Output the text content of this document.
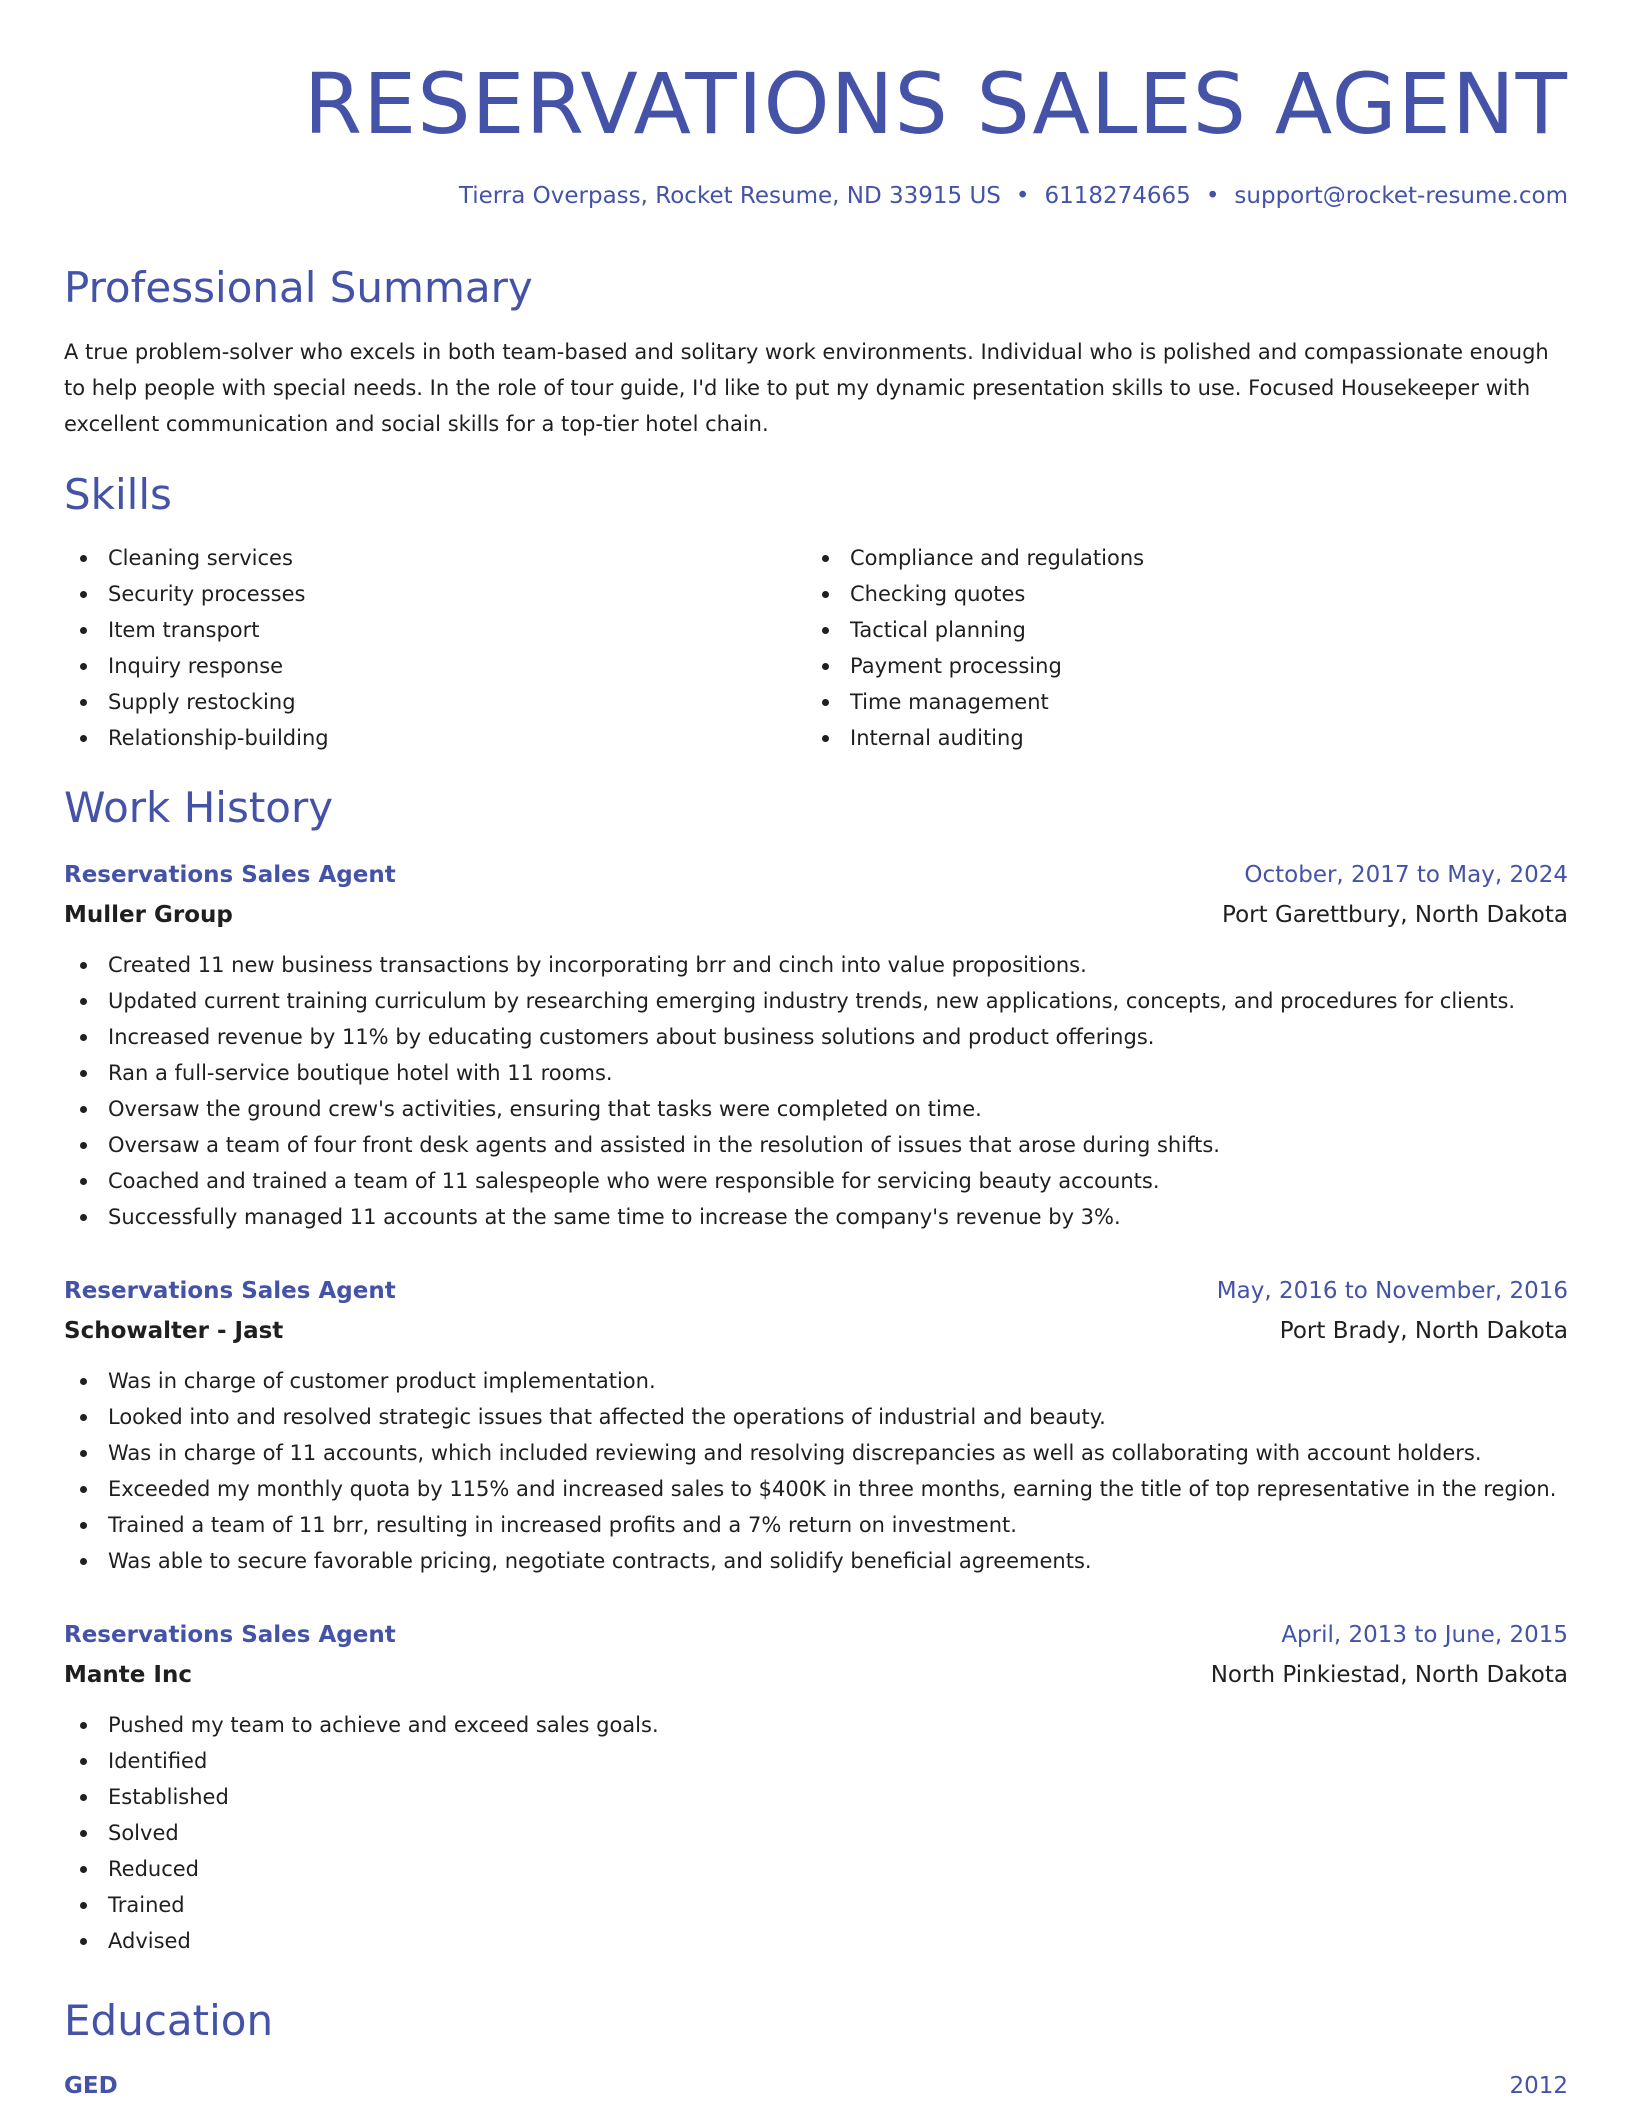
RESERVATIONS SALES AGENT
Tierra Overpass, Rocket Resume, ND 33915 US • 6118274665 • support@rocket-resume.com
Professional Summary

A true problem-solver who excels in both team-based and solitary work environments. Individual who is polished and compassionate enough to help people with special needs. In the role of tour guide, I'd like to put my dynamic presentation skills to use. Focused Housekeeper with excellent communication and social skills for a top-tier hotel chain.

Skills
Cleaning services
Security processes
Item transport
Inquiry response
Supply restocking
Relationship-building
Compliance and regulations
Checking quotes
Tactical planning
Payment processing
Time management
Internal auditing
Work History
Reservations Sales Agent	October, 2017 to May, 2024
Muller Group	Port Garettbury, North Dakota
Created 11 new business transactions by incorporating brr and cinch into value propositions.
Updated current training curriculum by researching emerging industry trends, new applications, concepts, and procedures for clients.
Increased revenue by 11% by educating customers about business solutions and product offerings.
Ran a full-service boutique hotel with 11 rooms.
Oversaw the ground crew's activities, ensuring that tasks were completed on time.
Oversaw a team of four front desk agents and assisted in the resolution of issues that arose during shifts.
Coached and trained a team of 11 salespeople who were responsible for servicing beauty accounts.
Successfully managed 11 accounts at the same time to increase the company's revenue by 3%.
Reservations Sales Agent	May, 2016 to November, 2016
Schowalter - Jast	Port Brady, North Dakota
Was in charge of customer product implementation.
Looked into and resolved strategic issues that affected the operations of industrial and beauty.
Was in charge of 11 accounts, which included reviewing and resolving discrepancies as well as collaborating with account holders.
Exceeded my monthly quota by 115% and increased sales to $400K in three months, earning the title of top representative in the region.
Trained a team of 11 brr, resulting in increased profits and a 7% return on investment.
Was able to secure favorable pricing, negotiate contracts, and solidify beneficial agreements.
Reservations Sales Agent	April, 2013 to June, 2015
Mante Inc	North Pinkiestad, North Dakota
Pushed my team to achieve and exceed sales goals.
Identified
Established
Solved
Reduced
Trained
Advised
Education
GED	2012
